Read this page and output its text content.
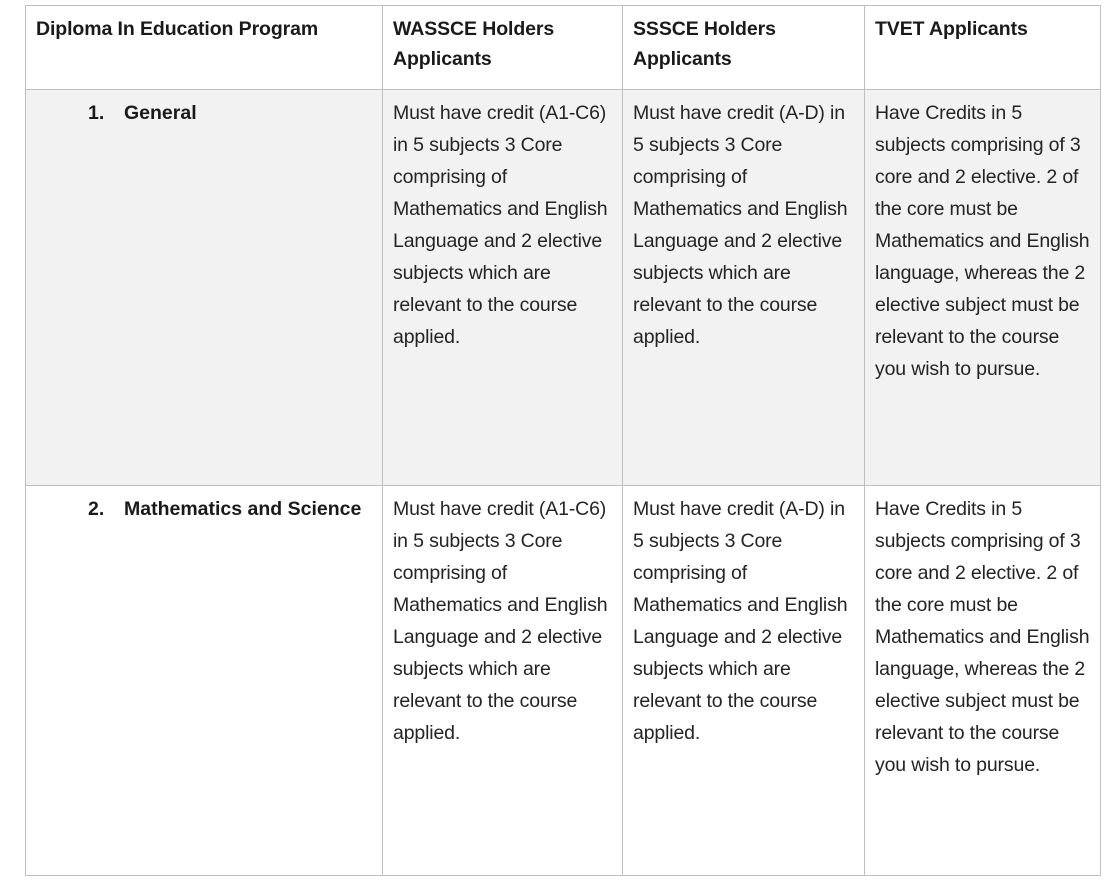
Diploma In Education Program	WASSCE Holders Applicants	SSSCE Holders Applicants	TVET Applicants

1. General	Must have credit (A1-C6) in 5 subjects 3 Core comprising of Mathematics and English Language and 2 elective subjects which are relevant to the course applied.	Must have credit (A-D) in 5 subjects 3 Core comprising of Mathematics and English Language and 2 elective subjects which are relevant to the course applied.	Have Credits in 5 subjects comprising of 3 core and 2 elective. 2 of the core must be Mathematics and English language, whereas the 2 elective subject must be relevant to the course you wish to pursue.

2. Mathematics and Science	Must have credit (A1-C6) in 5 subjects 3 Core comprising of Mathematics and English Language and 2 elective subjects which are relevant to the course applied.	Must have credit (A-D) in 5 subjects 3 Core comprising of Mathematics and English Language and 2 elective subjects which are relevant to the course applied.	Have Credits in 5 subjects comprising of 3 core and 2 elective. 2 of the core must be Mathematics and English language, whereas the 2 elective subject must be relevant to the course you wish to pursue.
